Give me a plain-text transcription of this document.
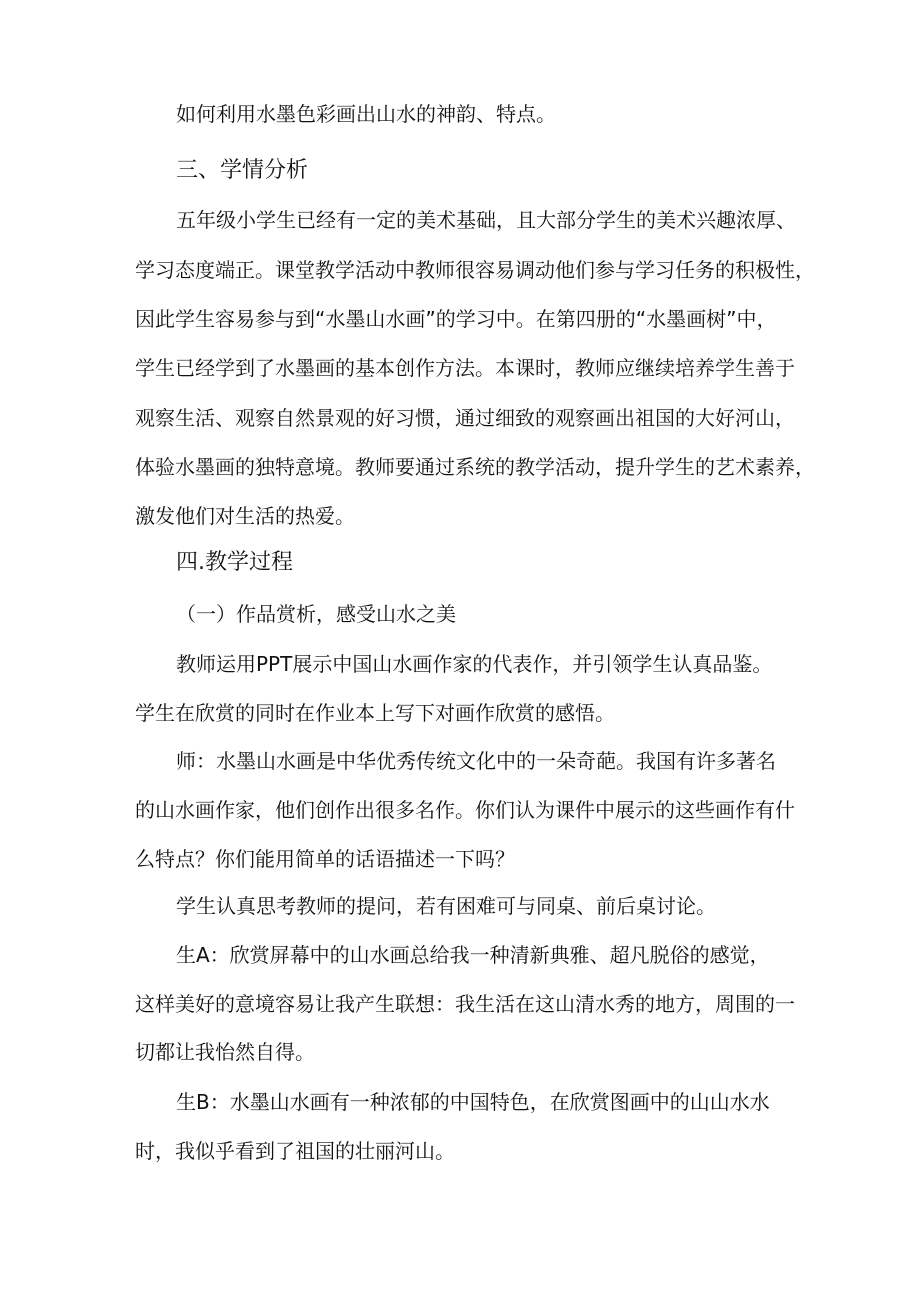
如何利用水墨色彩画出山水的神韵、特点。
三、学情分析
五年级小学生已经有一定的美术基础，且大部分学生的美术兴趣浓厚、
学习态度端正。课堂教学活动中教师很容易调动他们参与学习任务的积极性，
因此学生容易参与到“水墨山水画”的学习中。在第四册的“水墨画树”中，
学生已经学到了水墨画的基本创作方法。本课时，教师应继续培养学生善于
观察生活、观察自然景观的好习惯，通过细致的观察画出祖国的大好河山，
体验水墨画的独特意境。教师要通过系统的教学活动，提升学生的艺术素养，
激发他们对生活的热爱。
四.教学过程
（一）作品赏析，感受山水之美
教师运用PPT展示中国山水画作家的代表作，并引领学生认真品鉴。
学生在欣赏的同时在作业本上写下对画作欣赏的感悟。
师：水墨山水画是中华优秀传统文化中的一朵奇葩。我国有许多著名
的山水画作家，他们创作出很多名作。你们认为课件中展示的这些画作有什
么特点？你们能用简单的话语描述一下吗？
学生认真思考教师的提问，若有困难可与同桌、前后桌讨论。
生A：欣赏屏幕中的山水画总给我一种清新典雅、超凡脱俗的感觉，
这样美好的意境容易让我产生联想：我生活在这山清水秀的地方，周围的一
切都让我怡然自得。
生B：水墨山水画有一种浓郁的中国特色，在欣赏图画中的山山水水
时，我似乎看到了祖国的壮丽河山。
